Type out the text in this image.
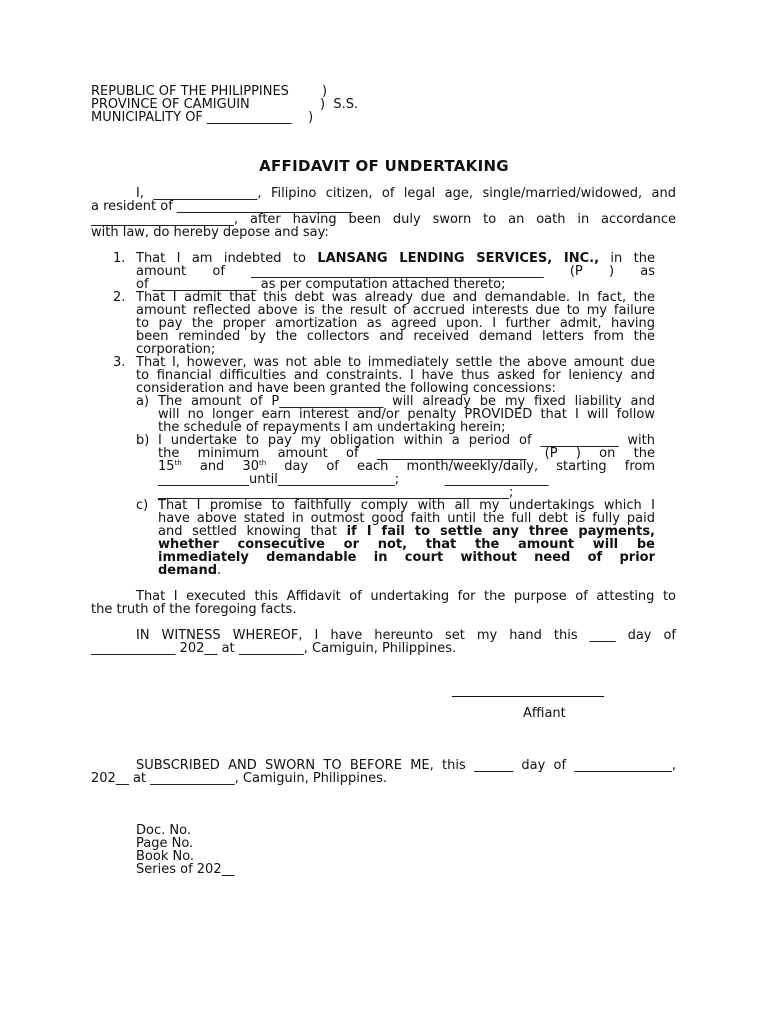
REPUBLIC OF THE PHILIPPINES        )
PROVINCE OF CAMIGUIN                 )  S.S.
MUNICIPALITY OF _____________    )
AFFIDAVIT OF UNDERTAKING
I, ________________, Filipino citizen, of legal age, single/married/widowed, and
a resident of ___________________________
______________________, after having been duly sworn to an oath in accordance
with law, do hereby depose and say:
1. That I am indebted to LANSANG LENDING SERVICES, INC., in the
amount of _____________________________________________ (P ) as
of ________________ as per computation attached thereto;
2. That I admit that this debt was already due and demandable. In fact, the
amount reflected above is the result of accrued interests due to my failure
to pay the proper amortization as agreed upon. I further admit, having
been reminded by the collectors and received demand letters from the
corporation;
3. That I, however, was not able to immediately settle the above amount due
to financial difficulties and constraints. I have thus asked for leniency and
consideration and have been granted the following concessions:
a) The amount of P________________ will already be my fixed liability and
will no longer earn interest and/or penalty PROVIDED that I will follow
the schedule of repayments I am undertaking herein;
b) I undertake to pay my obligation within a period of ____________ with
the minimum amount of _______________________ (P ) on the
15th and 30th day of each month/weekly/daily, starting from
______________until__________________;           ________________
______________________________________________________;
c) That I promise to faithfully comply with all my undertakings which I
have above stated in outmost good faith until the full debt is fully paid
and settled knowing that if I fail to settle any three payments,
whether consecutive or not, that the amount will be
immediately demandable in court without need of prior
demand.
That I executed this Affidavit of undertaking for the purpose of attesting to
the truth of the foregoing facts.
IN WITNESS WHEREOF, I have hereunto set my hand this ____ day of
_____________ 202__ at __________, Camiguin, Philippines.
Affiant
SUBSCRIBED AND SWORN TO BEFORE ME, this ______ day of _______________,
202__ at _____________, Camiguin, Philippines.
Doc. No.
Page No.
Book No.
Series of 202__
